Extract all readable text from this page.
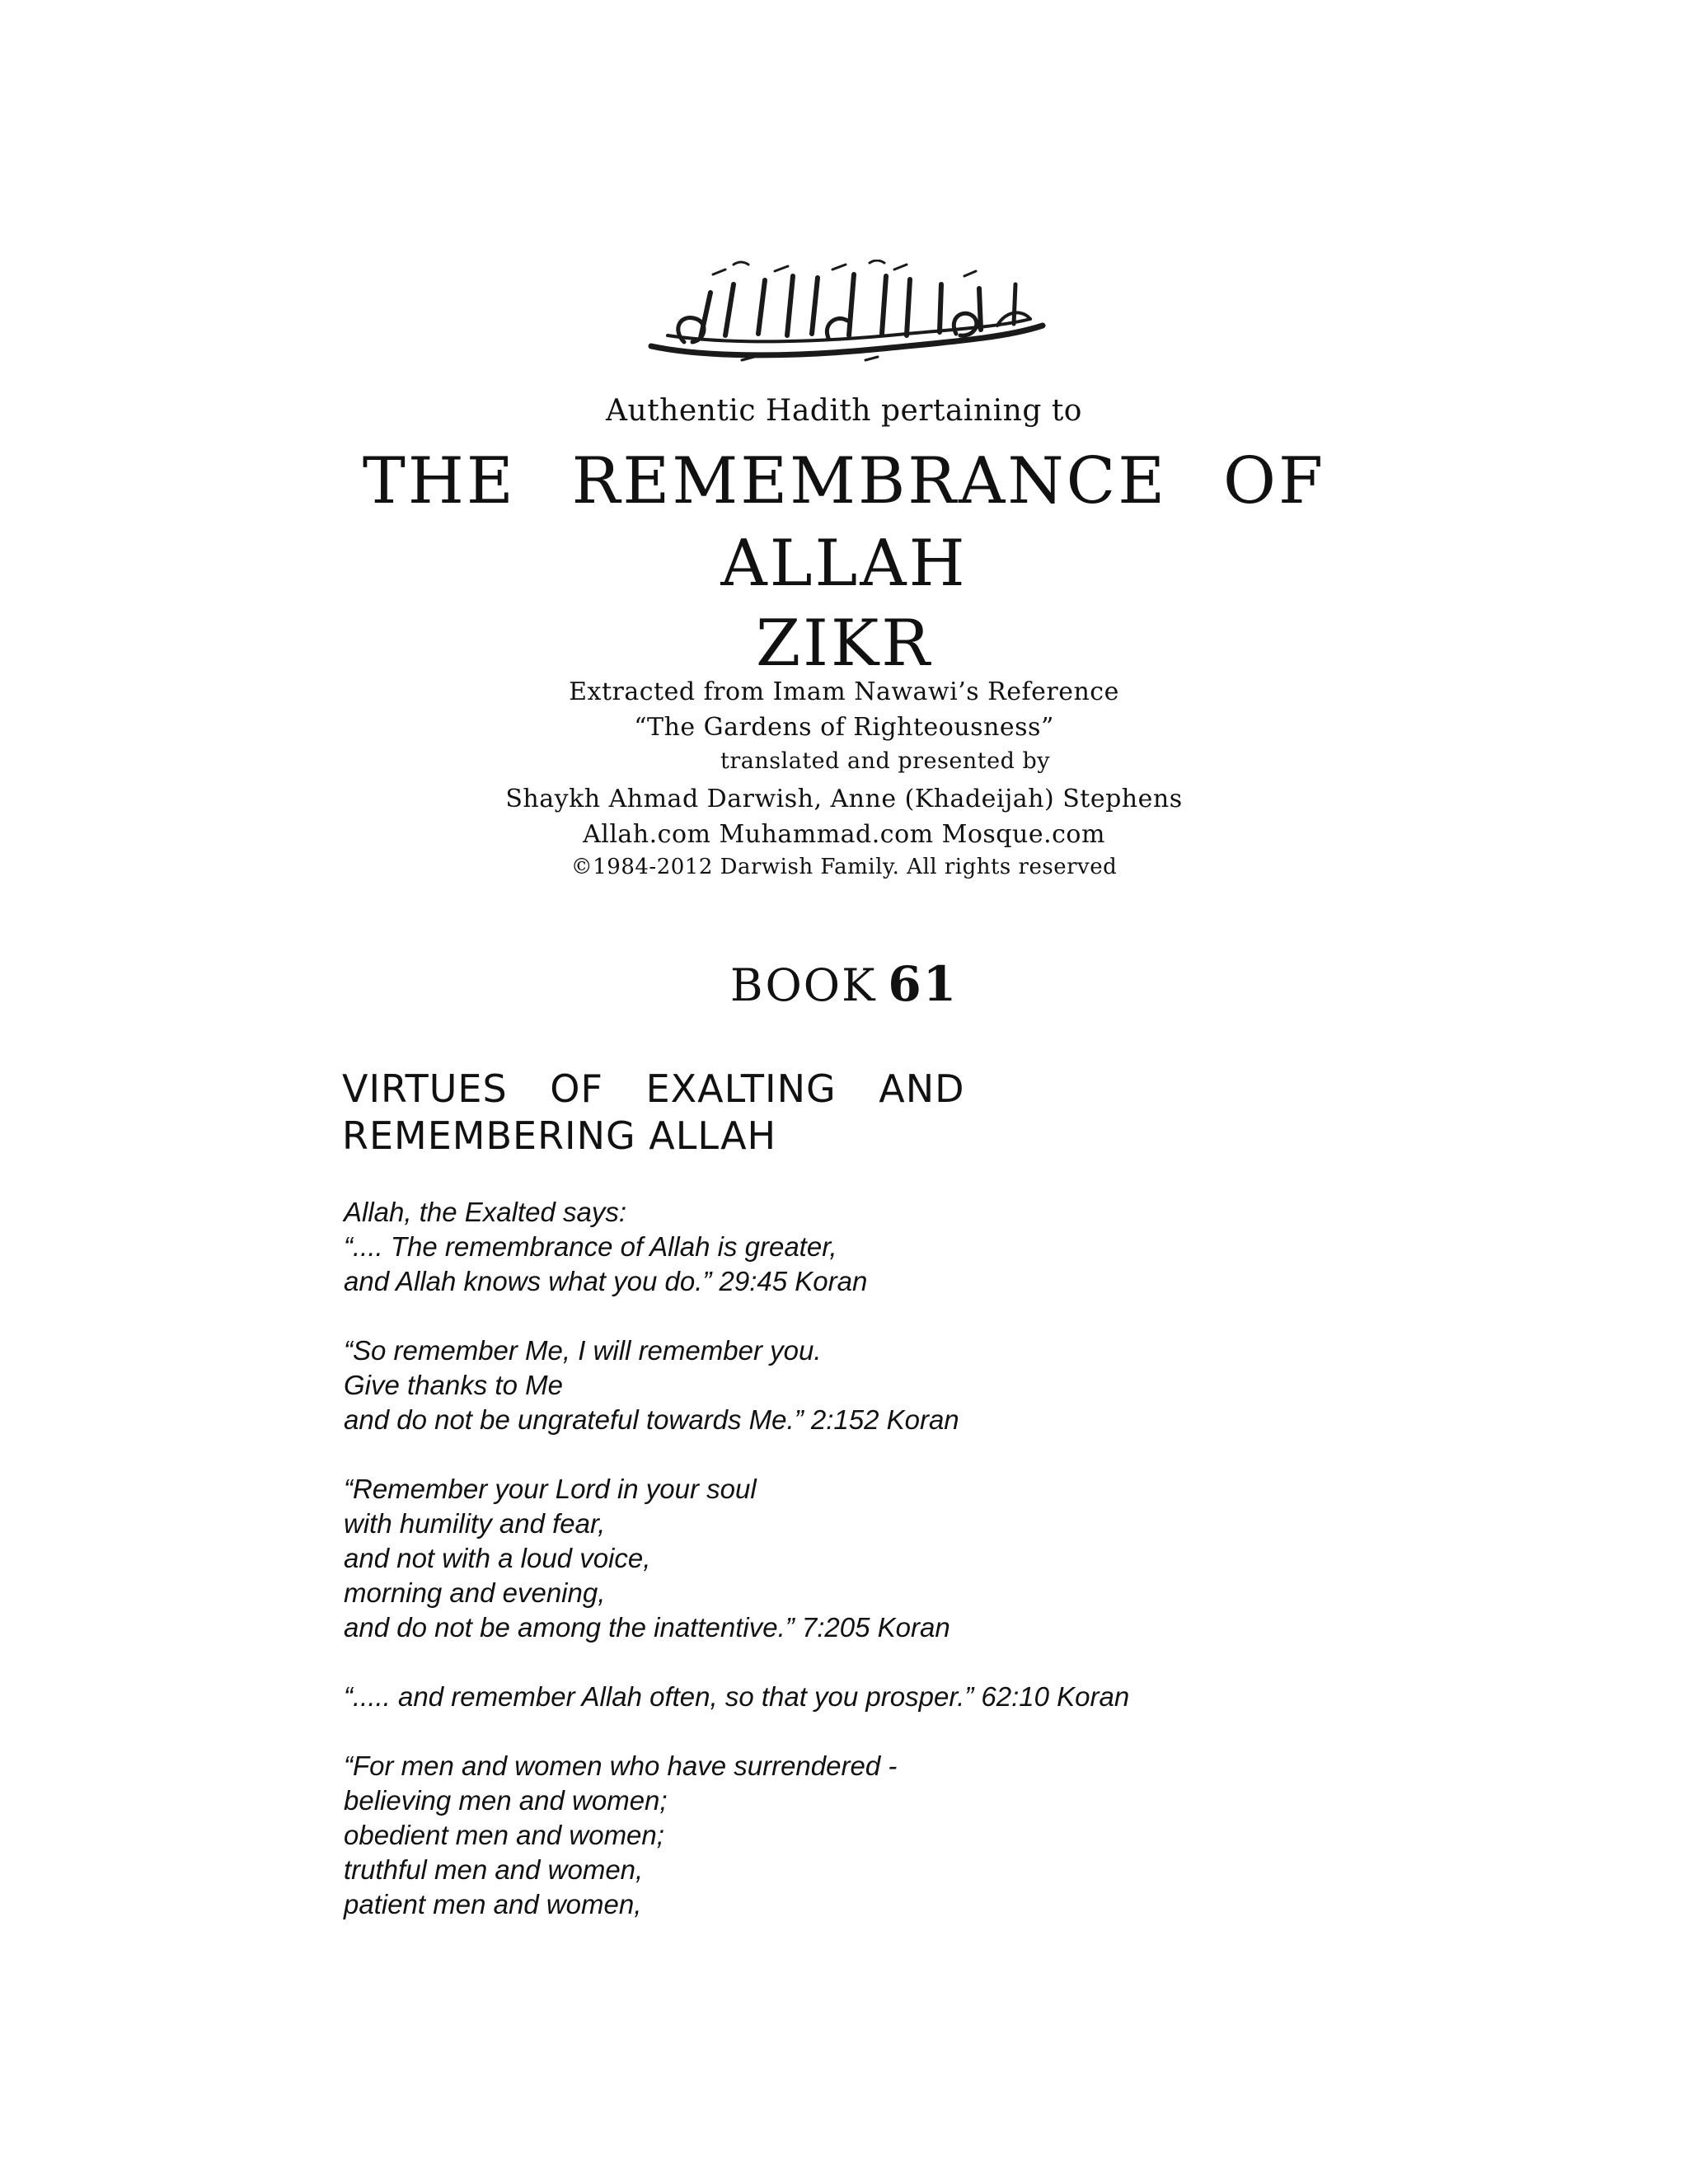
Authentic Hadith pertaining to
THE REMEMBRANCE OF
ALLAH
ZIKR
Extracted from Imam Nawawi’s Reference
“The Gardens of Righteousness”
translated and presented by
Shaykh Ahmad Darwish, Anne (Khadeijah) Stephens
Allah.com Muhammad.com Mosque.com
©1984-2012 Darwish Family. All rights reserved
BOOK 61
VIRTUES OF EXALTING AND
REMEMBERING ALLAH
Allah, the Exalted says:
“.... The remembrance of Allah is greater,
and Allah knows what you do.” 29:45 Koran
“So remember Me, I will remember you.
Give thanks to Me
and do not be ungrateful towards Me.” 2:152 Koran
“Remember your Lord in your soul
with humility and fear,
and not with a loud voice,
morning and evening,
and do not be among the inattentive.” 7:205 Koran
“..... and remember Allah often, so that you prosper.” 62:10 Koran
“For men and women who have surrendered -
believing men and women;
obedient men and women;
truthful men and women,
patient men and women,
